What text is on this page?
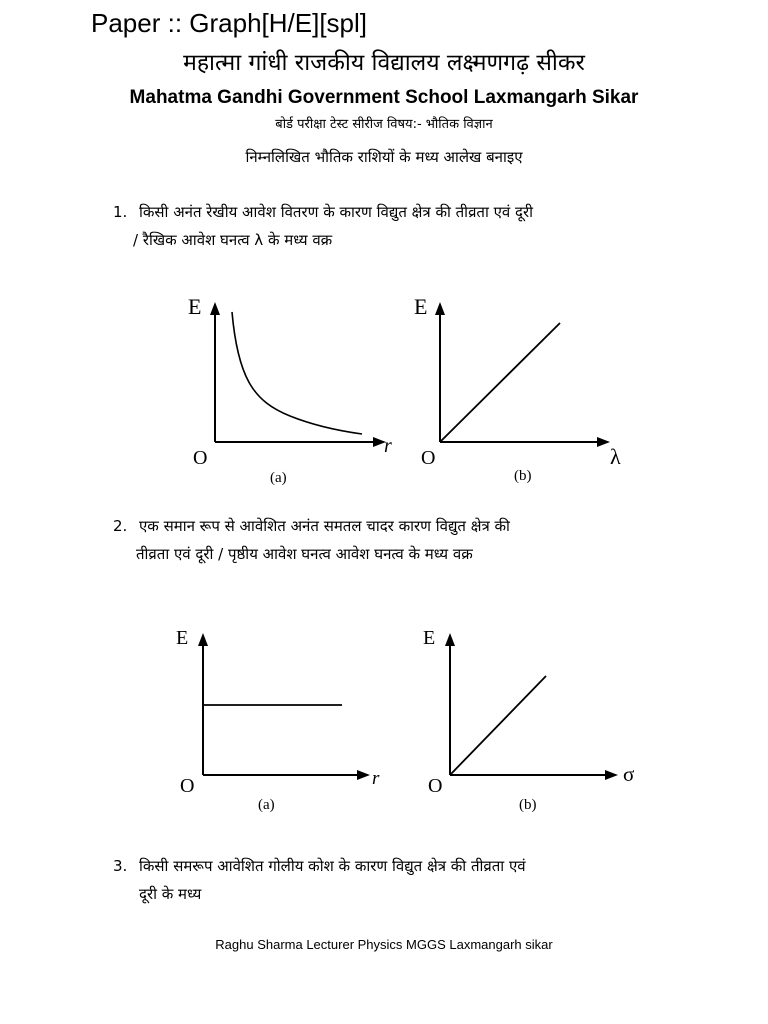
Paper :: Graph[H/E][spl]
महात्मा गांधी राजकीय विद्यालय लक्ष्मणगढ़ सीकर
Mahatma Gandhi Government School Laxmangarh Sikar
बोर्ड परीक्षा टेस्ट सीरीज विषय:- भौतिक विज्ञान
निम्नलिखित भौतिक राशियों के मध्य आलेख बनाइए
1. किसी अनंत रेखीय आवेश वितरण के कारण विद्युत क्षेत्र की तीव्रता एवं दूरी
/ रैखिक आवेश घनत्व λ के मध्य वक्र
E
r
O
(a)
E
λ
O
(b)
2. एक समान रूप से आवेशित अनंत समतल चादर कारण विद्युत क्षेत्र की
तीव्रता एवं दूरी / पृष्ठीय आवेश घनत्व आवेश घनत्व के मध्य वक्र
E
r
O
(a)
E
σ
O
(b)
3. किसी समरूप आवेशित गोलीय कोश के कारण विद्युत क्षेत्र की तीव्रता एवं
दूरी के मध्य
Raghu Sharma Lecturer Physics MGGS Laxmangarh sikar
